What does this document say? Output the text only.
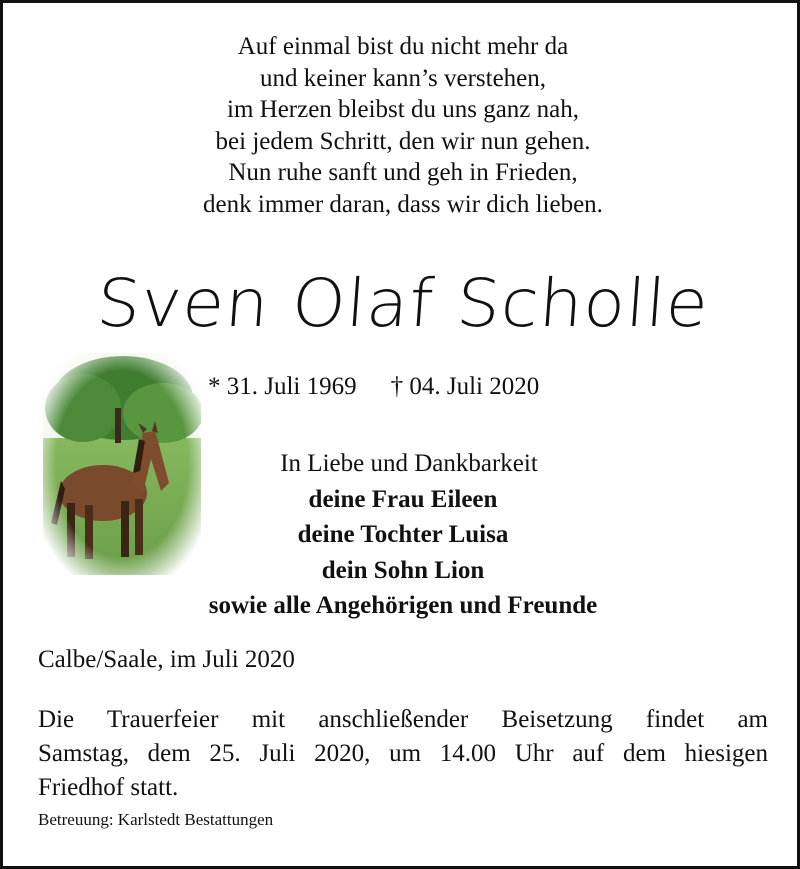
Auf einmal bist du nicht mehr da
und keiner kann’s verstehen,
im Herzen bleibst du uns ganz nah,
bei jedem Schritt, den wir nun gehen.
Nun ruhe sanft und geh in Frieden,
denk immer daran, dass wir dich lieben.
Sven Olaf Scholle
* 31. Juli 1969 † 04. Juli 2020
In Liebe und Dankbarkeit
deine Frau Eileen
deine Tochter Luisa
dein Sohn Lion
sowie alle Angehörigen und Freunde
Calbe/Saale, im Juli 2020
Die Trauerfeier mit anschließender Beisetzung findet am
Samstag, dem 25. Juli 2020, um 14.00 Uhr auf dem hiesigen
Friedhof statt.
Betreuung: Karlstedt Bestattungen
